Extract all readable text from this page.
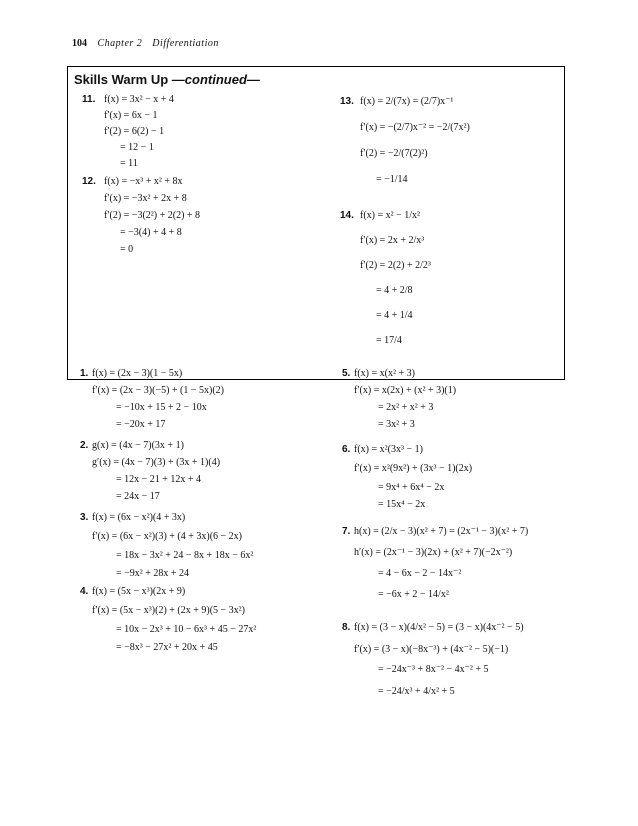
104 Chapter 2 Differentiation
Skills Warm Up —continued—
11. f(x) = 3x² − x + 4
f′(x) = 6x − 1
f′(2) = 6(2) − 1
= 12 − 1
= 11
12. f(x) = −x³ + x² + 8x
f′(x) = −3x² + 2x + 8
f′(2) = −3(2²) + 2(2) + 8
= −3(4) + 4 + 8
= 0
13. f(x) = 2/(7x) = (2/7)x⁻¹
f′(x) = −(2/7)x⁻² = −2/(7x²)
f′(2) = −2/(7(2)²)
= −1/14
14. f(x) = x² − 1/x²
f′(x) = 2x + 2/x³
f′(2) = 2(2) + 2/2³
= 4 + 2/8
= 4 + 1/4
= 17/4
1. f(x) = (2x − 3)(1 − 5x)
f′(x) = (2x − 3)(−5) + (1 − 5x)(2)
= −10x + 15 + 2 − 10x
= −20x + 17
2. g(x) = (4x − 7)(3x + 1)
g′(x) = (4x − 7)(3) + (3x + 1)(4)
= 12x − 21 + 12x + 4
= 24x − 17
3. f(x) = (6x − x²)(4 + 3x)
f′(x) = (6x − x²)(3) + (4 + 3x)(6 − 2x)
= 18x − 3x² + 24 − 8x + 18x − 6x²
= −9x² + 28x + 24
4. f(x) = (5x − x³)(2x + 9)
f′(x) = (5x − x³)(2) + (2x + 9)(5 − 3x²)
= 10x − 2x³ + 10 − 6x³ + 45 − 27x²
= −8x³ − 27x² + 20x + 45
5. f(x) = x(x² + 3)
f′(x) = x(2x) + (x² + 3)(1)
= 2x² + x² + 3
= 3x² + 3
6. f(x) = x²(3x³ − 1)
f′(x) = x²(9x²) + (3x³ − 1)(2x)
= 9x⁴ + 6x⁴ − 2x
= 15x⁴ − 2x
7. h(x) = (2/x − 3)(x² + 7) = (2x⁻¹ − 3)(x² + 7)
h′(x) = (2x⁻¹ − 3)(2x) + (x² + 7)(−2x⁻²)
= 4 − 6x − 2 − 14x⁻²
= −6x + 2 − 14/x²
8. f(x) = (3 − x)(4/x² − 5) = (3 − x)(4x⁻² − 5)
f′(x) = (3 − x)(−8x⁻³) + (4x⁻² − 5)(−1)
= −24x⁻³ + 8x⁻² − 4x⁻² + 5
= −24/x³ + 4/x² + 5
